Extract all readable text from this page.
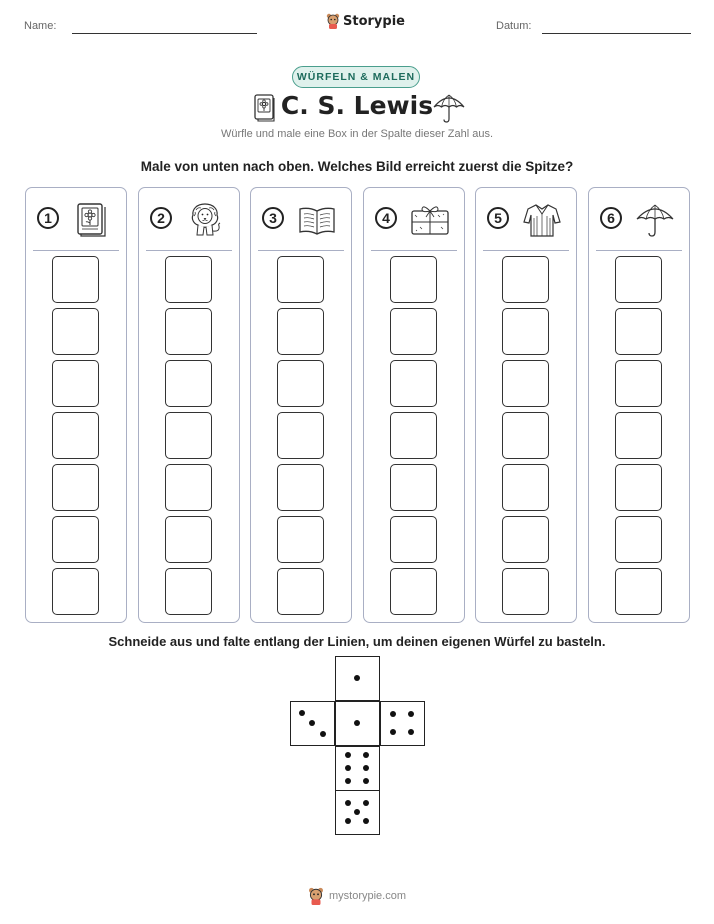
Name:	Datum:
Storypie
WÜRFELN & MALEN
C. S. Lewis
Würfle und male eine Box in der Spalte dieser Zahl aus.
Male von unten nach oben. Welches Bild erreicht zuerst die Spitze?
1	2	3	4	5	6
Schneide aus und falte entlang der Linien, um deinen eigenen Würfel zu basteln.
mystorypie.com
